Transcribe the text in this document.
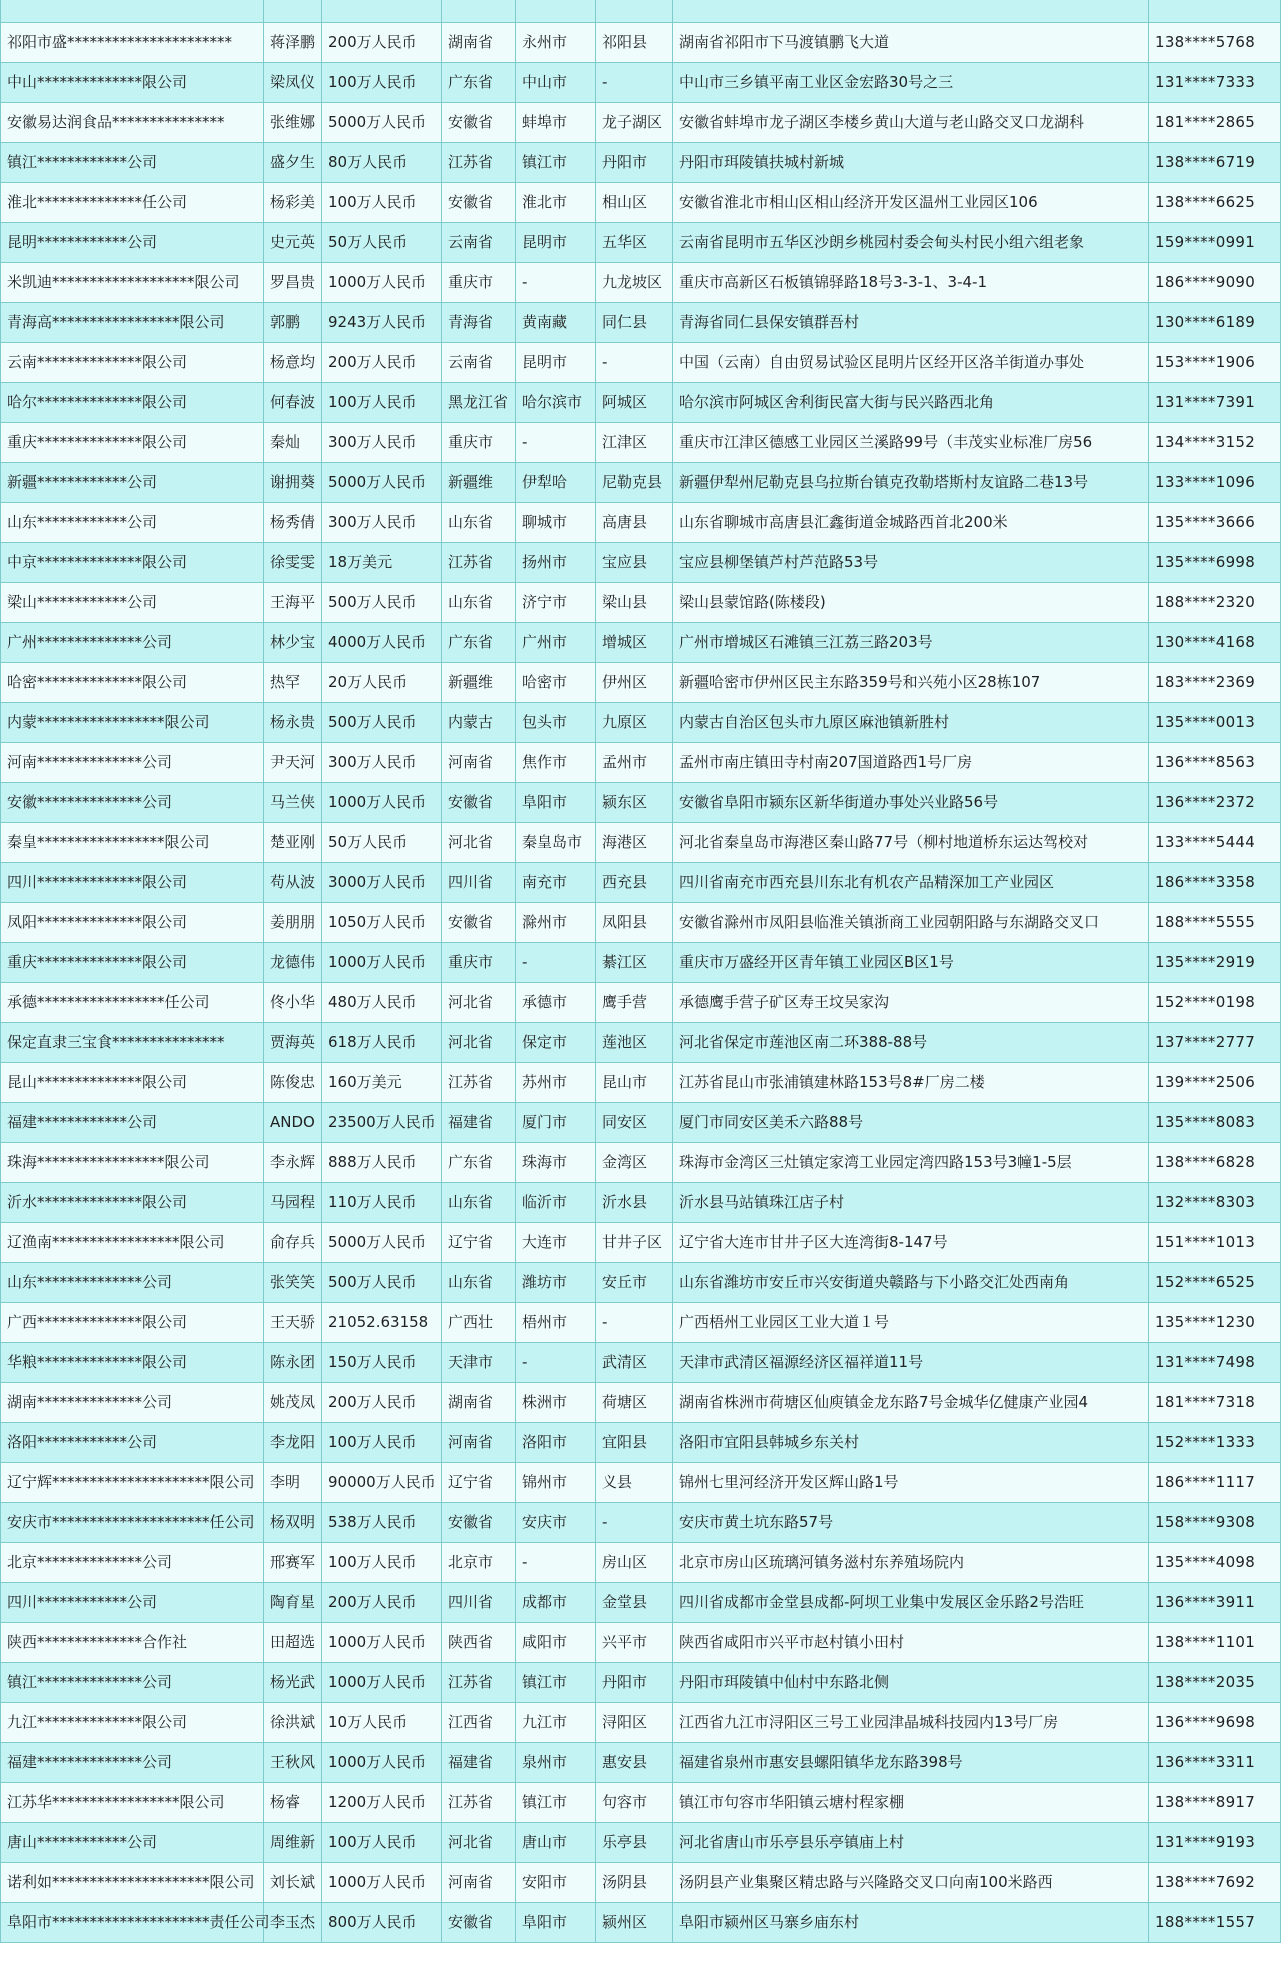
祁阳市盛**********************	蒋泽鹏	200万人民币	湖南省	永州市	祁阳县	湖南省祁阳市下马渡镇鹏飞大道	138****5768
中山**************限公司	梁凤仪	100万人民币	广东省	中山市	-	中山市三乡镇平南工业区金宏路30号之三	131****7333
安徽易达润食品***************	张维娜	5000万人民币	安徽省	蚌埠市	龙子湖区	安徽省蚌埠市龙子湖区李楼乡黄山大道与老山路交叉口龙湖科	181****2865
镇江************公司	盛夕生	80万人民币	江苏省	镇江市	丹阳市	丹阳市珥陵镇扶城村新城	138****6719
淮北**************任公司	杨彩美	100万人民币	安徽省	淮北市	相山区	安徽省淮北市相山区相山经济开发区温州工业园区106	138****6625
昆明************公司	史元英	50万人民币	云南省	昆明市	五华区	云南省昆明市五华区沙朗乡桃园村委会甸头村民小组六组老象	159****0991
米凯迪*******************限公司	罗昌贵	1000万人民币	重庆市	-	九龙坡区	重庆市高新区石板镇锦驿路18号3-3-1、3-4-1	186****9090
青海高*****************限公司	郭鹏	9243万人民币	青海省	黄南藏	同仁县	青海省同仁县保安镇群吾村	130****6189
云南**************限公司	杨意均	200万人民币	云南省	昆明市	-	中国（云南）自由贸易试验区昆明片区经开区洛羊街道办事处	153****1906
哈尔**************限公司	何春波	100万人民币	黑龙江省	哈尔滨市	阿城区	哈尔滨市阿城区舍利街民富大街与民兴路西北角	131****7391
重庆**************限公司	秦灿	300万人民币	重庆市	-	江津区	重庆市江津区德感工业园区兰溪路99号（丰茂实业标准厂房56	134****3152
新疆************公司	谢拥葵	5000万人民币	新疆维	伊犁哈	尼勒克县	新疆伊犁州尼勒克县乌拉斯台镇克孜勒塔斯村友谊路二巷13号	133****1096
山东************公司	杨秀倩	300万人民币	山东省	聊城市	高唐县	山东省聊城市高唐县汇鑫街道金城路西首北200米	135****3666
中京**************限公司	徐雯雯	18万美元	江苏省	扬州市	宝应县	宝应县柳堡镇芦村芦范路53号	135****6998
梁山************公司	王海平	500万人民币	山东省	济宁市	梁山县	梁山县蒙馆路(陈楼段)	188****2320
广州**************公司	林少宝	4000万人民币	广东省	广州市	增城区	广州市增城区石滩镇三江荔三路203号	130****4168
哈密**************限公司	热罕	20万人民币	新疆维	哈密市	伊州区	新疆哈密市伊州区民主东路359号和兴苑小区28栋107	183****2369
内蒙*****************限公司	杨永贵	500万人民币	内蒙古	包头市	九原区	内蒙古自治区包头市九原区麻池镇新胜村	135****0013
河南**************公司	尹天河	300万人民币	河南省	焦作市	孟州市	孟州市南庄镇田寺村南207国道路西1号厂房	136****8563
安徽**************公司	马兰侠	1000万人民币	安徽省	阜阳市	颍东区	安徽省阜阳市颍东区新华街道办事处兴业路56号	136****2372
秦皇*****************限公司	楚亚刚	50万人民币	河北省	秦皇岛市	海港区	河北省秦皇岛市海港区秦山路77号（柳村地道桥东运达驾校对	133****5444
四川**************限公司	苟从波	3000万人民币	四川省	南充市	西充县	四川省南充市西充县川东北有机农产品精深加工产业园区	186****3358
凤阳**************限公司	姜朋朋	1050万人民币	安徽省	滁州市	凤阳县	安徽省滁州市凤阳县临淮关镇浙商工业园朝阳路与东湖路交叉口	188****5555
重庆**************限公司	龙德伟	1000万人民币	重庆市	-	綦江区	重庆市万盛经开区青年镇工业园区B区1号	135****2919
承德*****************任公司	佟小华	480万人民币	河北省	承德市	鹰手营	承德鹰手营子矿区寿王坟吴家沟	152****0198
保定直隶三宝食***************	贾海英	618万人民币	河北省	保定市	莲池区	河北省保定市莲池区南二环388-88号	137****2777
昆山**************限公司	陈俊忠	160万美元	江苏省	苏州市	昆山市	江苏省昆山市张浦镇建林路153号8#厂房二楼	139****2506
福建************公司	ANDO	23500万人民币	福建省	厦门市	同安区	厦门市同安区美禾六路88号	135****8083
珠海*****************限公司	李永辉	888万人民币	广东省	珠海市	金湾区	珠海市金湾区三灶镇定家湾工业园定湾四路153号3幢1-5层	138****6828
沂水**************限公司	马园程	110万人民币	山东省	临沂市	沂水县	沂水县马站镇珠江店子村	132****8303
辽渔南*****************限公司	俞存兵	5000万人民币	辽宁省	大连市	甘井子区	辽宁省大连市甘井子区大连湾街8-147号	151****1013
山东**************公司	张笑笑	500万人民币	山东省	潍坊市	安丘市	山东省潍坊市安丘市兴安街道央赣路与下小路交汇处西南角	152****6525
广西**************限公司	王天骄	21052.63158	广西壮	梧州市	-	广西梧州工业园区工业大道１号	135****1230
华粮**************限公司	陈永团	150万人民币	天津市	-	武清区	天津市武清区福源经济区福祥道11号	131****7498
湖南**************公司	姚茂凤	200万人民币	湖南省	株洲市	荷塘区	湖南省株洲市荷塘区仙庾镇金龙东路7号金城华亿健康产业园4	181****7318
洛阳************公司	李龙阳	100万人民币	河南省	洛阳市	宜阳县	洛阳市宜阳县韩城乡东关村	152****1333
辽宁辉*********************限公司	李明	90000万人民币	辽宁省	锦州市	义县	锦州七里河经济开发区辉山路1号	186****1117
安庆市*********************任公司	杨双明	538万人民币	安徽省	安庆市	-	安庆市黄土坑东路57号	158****9308
北京**************公司	邢赛军	100万人民币	北京市	-	房山区	北京市房山区琉璃河镇务滋村东养殖场院内	135****4098
四川************公司	陶育星	200万人民币	四川省	成都市	金堂县	四川省成都市金堂县成都-阿坝工业集中发展区金乐路2号浩旺	136****3911
陕西**************合作社	田超选	1000万人民币	陕西省	咸阳市	兴平市	陕西省咸阳市兴平市赵村镇小田村	138****1101
镇江**************公司	杨光武	1000万人民币	江苏省	镇江市	丹阳市	丹阳市珥陵镇中仙村中东路北侧	138****2035
九江**************限公司	徐洪斌	10万人民币	江西省	九江市	浔阳区	江西省九江市浔阳区三号工业园津晶城科技园内13号厂房	136****9698
福建**************公司	王秋风	1000万人民币	福建省	泉州市	惠安县	福建省泉州市惠安县螺阳镇华龙东路398号	136****3311
江苏华*****************限公司	杨睿	1200万人民币	江苏省	镇江市	句容市	镇江市句容市华阳镇云塘村程家棚	138****8917
唐山************公司	周维新	100万人民币	河北省	唐山市	乐亭县	河北省唐山市乐亭县乐亭镇庙上村	131****9193
诺利如*********************限公司	刘长斌	1000万人民币	河南省	安阳市	汤阴县	汤阴县产业集聚区精忠路与兴隆路交叉口向南100米路西	138****7692
阜阳市*********************责任公司	李玉杰	800万人民币	安徽省	阜阳市	颍州区	阜阳市颍州区马寨乡庙东村	188****1557
